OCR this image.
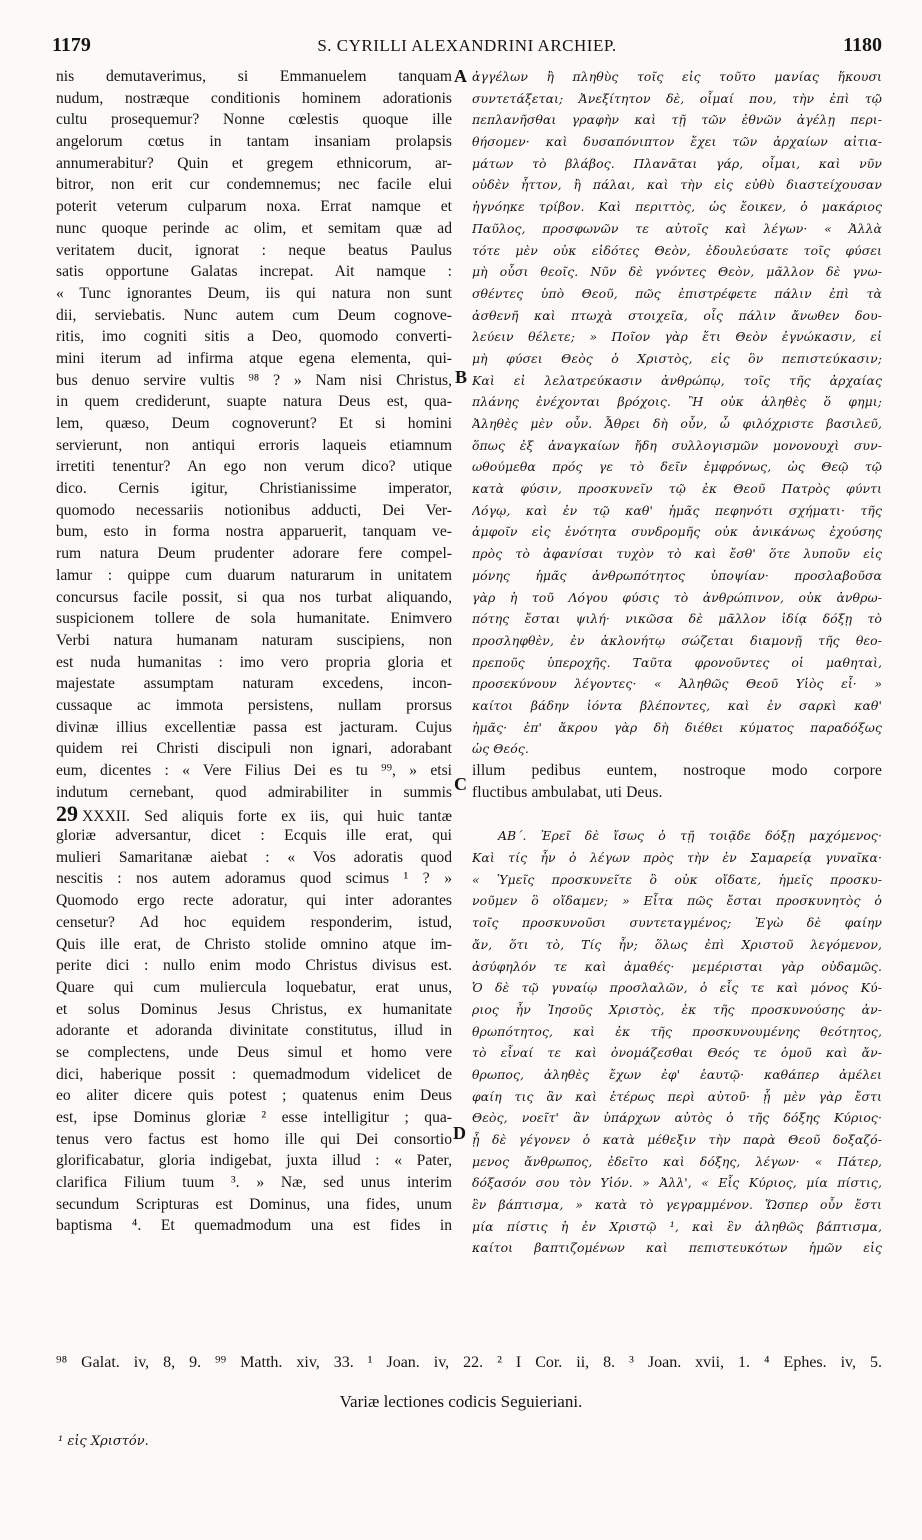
1179	S. CYRILLI ALEXANDRINI ARCHIEP.	1180
nis demutaverimus, si Emmanuelem tanquam
nudum, nostræque conditionis hominem adorationis
cultu prosequemur? Nonne cœlestis quoque ille
angelorum cœtus in tantam insaniam prolapsis
annumerabitur? Quin et gregem ethnicorum, ar-
bitror, non erit cur condemnemus; nec facile elui
poterit veterum culparum noxa. Errat namque et
nunc quoque perinde ac olim, et semitam quæ ad
veritatem ducit, ignorat : neque beatus Paulus
satis opportune Galatas increpat. Ait namque :
« Tunc ignorantes Deum, iis qui natura non sunt
dii, serviebatis. Nunc autem cum Deum cognove-
ritis, imo cogniti sitis a Deo, quomodo converti-
mini iterum ad infirma atque egena elementa, qui-
bus denuo servire vultis ⁹⁸ ? » Nam nisi Christus,
in quem crediderunt, suapte natura Deus est, qua-
lem, quæso, Deum cognoverunt? Et si homini
servierunt, non antiqui erroris laqueis etiamnum
irretiti tenentur? An ego non verum dico? utique
dico. Cernis igitur, Christianissime imperator,
quomodo necessariis notionibus adducti, Dei Ver-
bum, esto in forma nostra apparuerit, tanquam ve-
rum natura Deum prudenter adorare fere compel-
lamur : quippe cum duarum naturarum in unitatem
concursus facile possit, si qua nos turbat aliquando,
suspicionem tollere de sola humanitate. Enimvero
Verbi natura humanam naturam suscipiens, non
est nuda humanitas : imo vero propria gloria et
majestate assumptam naturam excedens, incon-
cussaque ac immota persistens, nullam prorsus
divinæ illius excellentiæ passa est jacturam. Cujus
quidem rei Christi discipuli non ignari, adorabant
eum, dicentes : « Vere Filius Dei es tu ⁹⁹, » etsi
indutum cernebant, quod admirabiliter in summis
29 XXXII. Sed aliquis forte ex iis, qui huic tantæ
gloriæ adversantur, dicet : Ecquis ille erat, qui
mulieri Samaritanæ aiebat : « Vos adoratis quod
nescitis : nos autem adoramus quod scimus ¹ ? »
Quomodo ergo recte adoratur, qui inter adorantes
censetur? Ad hoc equidem responderim, istud,
Quis ille erat, de Christo stolide omnino atque im-
perite dici : nullo enim modo Christus divisus est.
Quare qui cum muliercula loquebatur, erat unus,
et solus Dominus Jesus Christus, ex humanitate
adorante et adoranda divinitate constitutus, illud in
se complectens, unde Deus simul et homo vere
dici, haberique possit : quemadmodum videlicet de
eo aliter dicere quis potest ; quatenus enim Deus
est, ipse Dominus gloriæ ² esse intelligitur ; qua-
tenus vero factus est homo ille qui Dei consortio
glorificabatur, gloria indigebat, juxta illud : « Pater,
clarifica Filium tuum ³. » Næ, sed unus interim
secundum Scripturas est Dominus, una fides, unum
baptisma ⁴. Et quemadmodum una est fides in
A
B
C
D
ἀγγέλων ἢ πληθὺς τοῖς εἰς τοῦτο μανίας ἥκουσι
συντετάξεται; Ἀνεξίτητον δὲ, οἶμαί που, τὴν ἐπὶ τῷ
πεπλανῆσθαι γραφὴν καὶ τῇ τῶν ἐθνῶν ἀγέλῃ περι-
θήσομεν· καὶ δυσαπόνιπτον ἔχει τῶν ἀρχαίων αἰτια-
μάτων τὸ βλάβος. Πλανᾶται γάρ, οἶμαι, καὶ νῦν
οὐδὲν ἧττον, ἢ πάλαι, καὶ τὴν εἰς εὐθὺ διαστείχουσαν
ἠγνόηκε τρίβον. Καὶ περιττὸς, ὡς ἔοικεν, ὁ μακάριος
Παῦλος, προσφωνῶν τε αὐτοῖς καὶ λέγων· « Ἀλλὰ
τότε μὲν οὐκ εἰδότες Θεὸν, ἐδουλεύσατε τοῖς φύσει
μὴ οὖσι θεοῖς. Νῦν δὲ γνόντες Θεὸν, μᾶλλον δὲ γνω-
σθέντες ὑπὸ Θεοῦ, πῶς ἐπιστρέφετε πάλιν ἐπὶ τὰ
ἀσθενῆ καὶ πτωχὰ στοιχεῖα, οἷς πάλιν ἄνωθεν δου-
λεύειν θέλετε; » Ποῖον γὰρ ἔτι Θεὸν ἐγνώκασιν, εἰ
μὴ φύσει Θεὸς ὁ Χριστὸς, εἰς ὃν πεπιστεύκασιν;
Καὶ εἰ λελατρεύκασιν ἀνθρώπῳ, τοῖς τῆς ἀρχαίας
πλάνης ἐνέχονται βρόχοις. Ἢ οὐκ ἀληθὲς ὅ φημι;
Ἀληθὲς μὲν οὖν. Ἆθρει δὴ οὖν, ὦ φιλόχριστε βασιλεῦ,
ὅπως ἐξ ἀναγκαίων ἤδη συλλογισμῶν μονονουχὶ συν-
ωθούμεθα πρός γε τὸ δεῖν ἐμφρόνως, ὡς Θεῷ τῷ
κατὰ φύσιν, προσκυνεῖν τῷ ἐκ Θεοῦ Πατρὸς φύντι
Λόγῳ, καὶ ἐν τῷ καθ' ἡμᾶς πεφηνότι σχήματι· τῆς
ἀμφοῖν εἰς ἑνότητα συνδρομῆς οὐκ ἀνικάνως ἐχούσης
πρὸς τὸ ἀφανίσαι τυχὸν τὸ καὶ ἔσθ' ὅτε λυποῦν εἰς
μόνης ἡμᾶς ἀνθρωπότητος ὑποψίαν· προσλαβοῦσα
γὰρ ἡ τοῦ Λόγου φύσις τὸ ἀνθρώπινον, οὐκ ἀνθρω-
πότης ἔσται ψιλή· νικῶσα δὲ μᾶλλον ἰδίᾳ δόξῃ τὸ
προσληφθὲν, ἐν ἀκλονήτῳ σώζεται διαμονῇ τῆς θεο-
πρεποῦς ὑπεροχῆς. Ταῦτα φρονοῦντες οἱ μαθηταὶ,
προσεκύνουν λέγοντες· « Ἀληθῶς Θεοῦ Υἱὸς εἶ· »
καίτοι βάδην ἰόντα βλέποντες, καὶ ἐν σαρκὶ καθ'
ἡμᾶς· ἐπ' ἄκρου γὰρ δὴ διέθει κύματος παραδόξως
ὡς Θεός.
illum pedibus euntem, nostroque modo corpore
fluctibus ambulabat, uti Deus.
ΑΒ΄. Ἐρεῖ δὲ ἴσως ὁ τῇ τοιᾷδε δόξῃ μαχόμενος·
Καὶ τίς ἦν ὁ λέγων πρὸς τὴν ἐν Σαμαρείᾳ γυναῖκα·
« Ὑμεῖς προσκυνεῖτε ὃ οὐκ οἴδατε, ἡμεῖς προσκυ-
νοῦμεν ὃ οἴδαμεν; » Εἶτα πῶς ἔσται προσκυνητὸς ὁ
τοῖς προσκυνοῦσι συντεταγμένος; Ἐγὼ δὲ φαίην
ἄν, ὅτι τὸ, Τίς ἦν; ὅλως ἐπὶ Χριστοῦ λεγόμενον,
ἀσύφηλόν τε καὶ ἀμαθές· μεμέρισται γὰρ οὐδαμῶς.
Ὁ δὲ τῷ γυναίῳ προσλαλῶν, ὁ εἷς τε καὶ μόνος Κύ-
ριος ἦν Ἰησοῦς Χριστὸς, ἐκ τῆς προσκυνούσης ἀν-
θρωπότητος, καὶ ἐκ τῆς προσκυνουμένης θεότητος,
τὸ εἶναί τε καὶ ὀνομάζεσθαι Θεός τε ὁμοῦ καὶ ἄν-
θρωπος, ἀληθὲς ἔχων ἐφ' ἑαυτῷ· καθάπερ ἀμέλει
φαίη τις ἂν καὶ ἑτέρως περὶ αὐτοῦ· ᾗ μὲν γὰρ ἔστι
Θεὸς, νοεῖτ' ἂν ὑπάρχων αὐτὸς ὁ τῆς δόξης Κύριος·
ᾗ δὲ γέγονεν ὁ κατὰ μέθεξιν τὴν παρὰ Θεοῦ δοξαζό-
μενος ἄνθρωπος, ἐδεῖτο καὶ δόξης, λέγων· « Πάτερ,
δόξασόν σου τὸν Υἱόν. » Ἀλλ', « Εἷς Κύριος, μία πίστις,
ἓν βάπτισμα, » κατὰ τὸ γεγραμμένον. Ὥσπερ οὖν ἔστι
μία πίστις ἡ ἐν Χριστῷ ¹, καὶ ἓν ἀληθῶς βάπτισμα,
καίτοι βαπτιζομένων καὶ πεπιστευκότων ἡμῶν εἰς
⁹⁸ Galat. iv, 8, 9. ⁹⁹ Matth. xiv, 33. ¹ Joan. iv, 22. ² I Cor. ii, 8. ³ Joan. xvii, 1. ⁴ Ephes. iv, 5.
Variæ lectiones codicis Seguieriani.
¹ εἰς Χριστόν.
